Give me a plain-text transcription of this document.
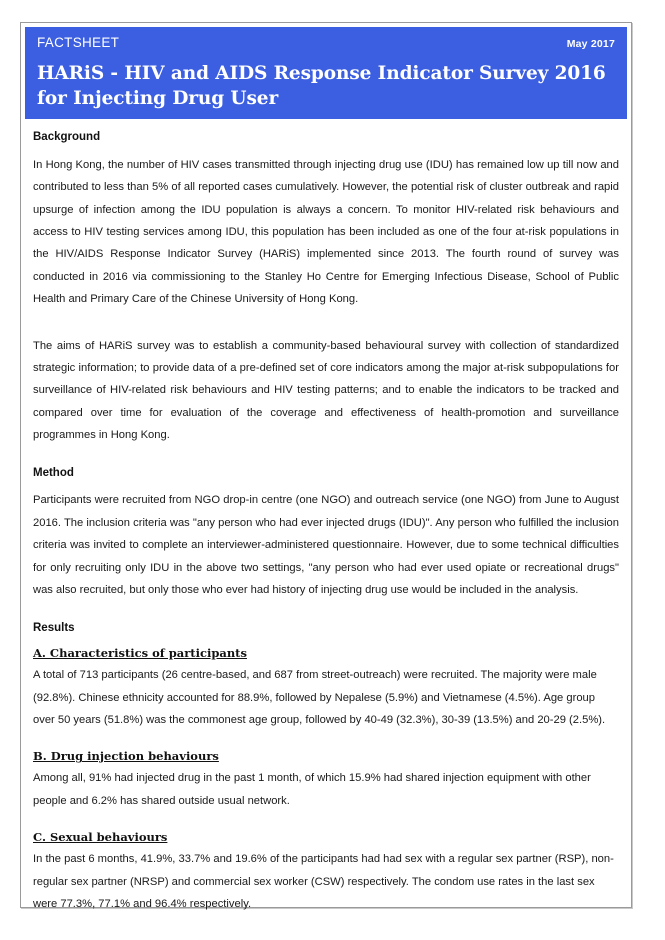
FACTSHEET	May 2017
HARiS - HIV and AIDS Response Indicator Survey 2016 for Injecting Drug User
Background

In Hong Kong, the number of HIV cases transmitted through injecting drug use (IDU) has remained low up till now and contributed to less than 5% of all reported cases cumulatively. However, the potential risk of cluster outbreak and rapid upsurge of infection among the IDU population is always a concern. To monitor HIV-related risk behaviours and access to HIV testing services among IDU, this population has been included as one of the four at-risk populations in the HIV/AIDS Response Indicator Survey (HARiS) implemented since 2013. The fourth round of survey was conducted in 2016 via commissioning to the Stanley Ho Centre for Emerging Infectious Disease, School of Public Health and Primary Care of the Chinese University of Hong Kong.

The aims of HARiS survey was to establish a community-based behavioural survey with collection of standardized strategic information; to provide data of a pre-defined set of core indicators among the major at-risk subpopulations for surveillance of HIV-related risk behaviours and HIV testing patterns; and to enable the indicators to be tracked and compared over time for evaluation of the coverage and effectiveness of health-promotion and surveillance programmes in Hong Kong.

Method

Participants were recruited from NGO drop-in centre (one NGO) and outreach service (one NGO) from June to August 2016. The inclusion criteria was "any person who had ever injected drugs (IDU)". Any person who fulfilled the inclusion criteria was invited to complete an interviewer-administered questionnaire. However, due to some technical difficulties for only recruiting only IDU in the above two settings, "any person who had ever used opiate or recreational drugs" was also recruited, but only those who ever had history of injecting drug use would be included in the analysis.

Results
A. Characteristics of participants

A total of 713 participants (26 centre-based, and 687 from street-outreach) were recruited. The majority were male (92.8%). Chinese ethnicity accounted for 88.9%, followed by Nepalese (5.9%) and Vietnamese (4.5%). Age group over 50 years (51.8%) was the commonest age group, followed by 40-49 (32.3%), 30-39 (13.5%) and 20-29 (2.5%).

B. Drug injection behaviours

Among all, 91% had injected drug in the past 1 month, of which 15.9% had shared injection equipment with other people and 6.2% has shared outside usual network.

C. Sexual behaviours

In the past 6 months, 41.9%, 33.7% and 19.6% of the participants had had sex with a regular sex partner (RSP), non-regular sex partner (NRSP) and commercial sex worker (CSW) respectively. The condom use rates in the last sex were 77.3%, 77.1% and 96.4% respectively.
